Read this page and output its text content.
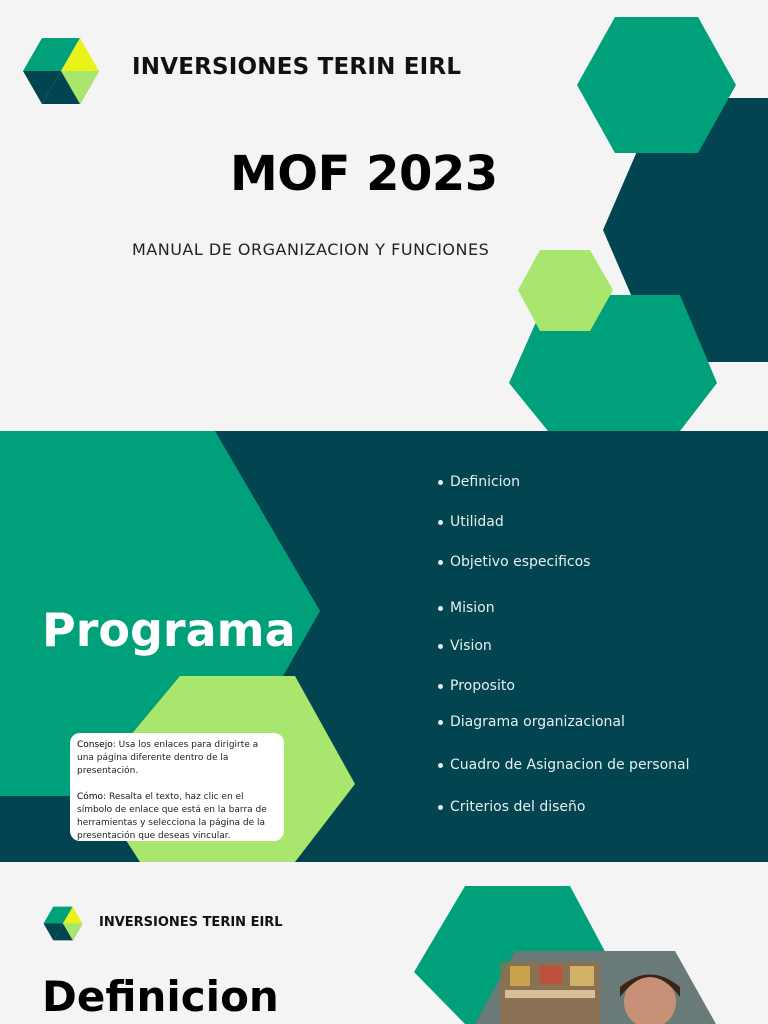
INVERSIONES TERIN EIRL
MOF 2023
MANUAL DE ORGANIZACION Y FUNCIONES
Programa
Definicion
Utilidad
Objetivo especificos
Mision
Vision
Proposito
Diagrama organizacional
Cuadro de Asignacion de personal
Criterios del diseño

Consejo: Usa los enlaces para dirigirte a una página diferente dentro de la presentación.

Cómo: Resalta el texto, haz clic en el símbolo de enlace que está en la barra de herramientas y selecciona la página de la presentación que deseas vincular.

INVERSIONES TERIN EIRL
Definicion
